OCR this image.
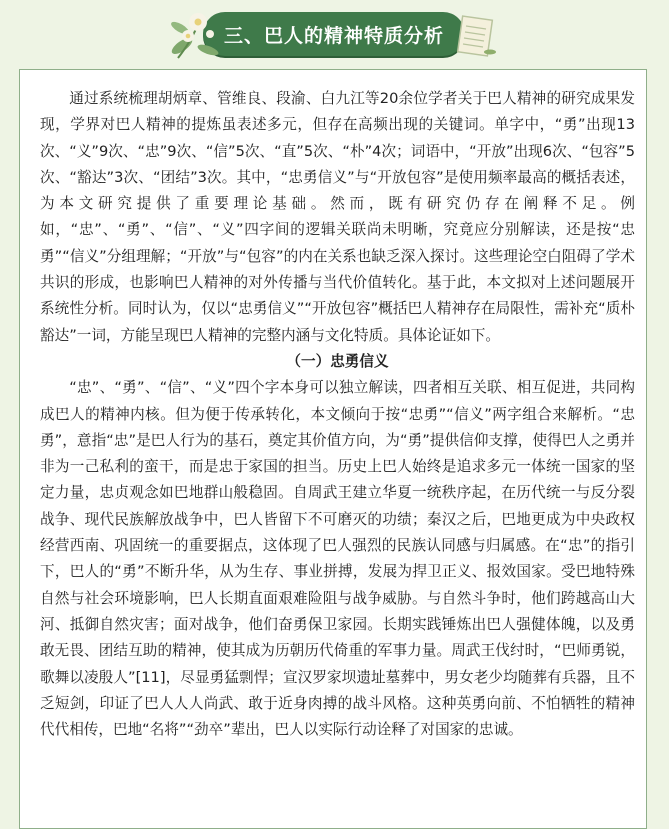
三、巴人的精神特质分析

通过系统梳理胡炳章、管维良、段渝、白九江等20余位学者关于巴人精神的研究成果发现，学界对巴人精神的提炼虽表述多元，但存在高频出现的关键词。单字中，“勇”出现13次、“义”9次、“忠”9次、“信”5次、“直”5次、“朴”4次；词语中，“开放”出现6次、“包容”5次、“豁达”3次、“团结”3次。其中，“忠勇信义”与“开放包容”是使用频率最高的概括表述，为本文研究提供了重要理论基础。然而，既有研究仍存在阐释不足。例如，“忠”、“勇”、“信”、“义”四字间的逻辑关联尚未明晰，究竟应分别解读，还是按“忠勇”“信义”分组理解；“开放”与“包容”的内在关系也缺乏深入探讨。这些理论空白阻碍了学术共识的形成，也影响巴人精神的对外传播与当代价值转化。基于此，本文拟对上述问题展开系统性分析。同时认为，仅以“忠勇信义”“开放包容”概括巴人精神存在局限性，需补充“质朴豁达”一词，方能呈现巴人精神的完整内涵与文化特质。具体论证如下。

（一）忠勇信义

“忠”、“勇”、“信”、“义”四个字本身可以独立解读，四者相互关联、相互促进，共同构成巴人的精神内核。但为便于传承转化，本文倾向于按“忠勇”“信义”两字组合来解析。“忠勇”，意指“忠”是巴人行为的基石，奠定其价值方向，为“勇”提供信仰支撑，使得巴人之勇并非为一己私利的蛮干，而是忠于家国的担当。历史上巴人始终是追求多元一体统一国家的坚定力量，忠贞观念如巴地群山般稳固。自周武王建立华夏一统秩序起，在历代统一与反分裂战争、现代民族解放战争中，巴人皆留下不可磨灭的功绩；秦汉之后，巴地更成为中央政权经营西南、巩固统一的重要据点，这体现了巴人强烈的民族认同感与归属感。在“忠”的指引下，巴人的“勇”不断升华，从为生存、事业拼搏，发展为捍卫正义、报效国家。受巴地特殊自然与社会环境影响，巴人长期直面艰难险阻与战争威胁。与自然斗争时，他们跨越高山大河、抵御自然灾害；面对战争，他们奋勇保卫家园。长期实践锤炼出巴人强健体魄，以及勇敢无畏、团结互助的精神，使其成为历朝历代倚重的军事力量。周武王伐纣时，“巴师勇锐，歌舞以凌殷人”[11]，尽显勇猛剽悍；宣汉罗家坝遗址墓葬中，男女老少均随葬有兵器，且不乏短剑，印证了巴人人人尚武、敢于近身肉搏的战斗风格。这种英勇向前、不怕牺牲的精神代代相传，巴地“名将”“劲卒”辈出，巴人以实际行动诠释了对国家的忠诚。
